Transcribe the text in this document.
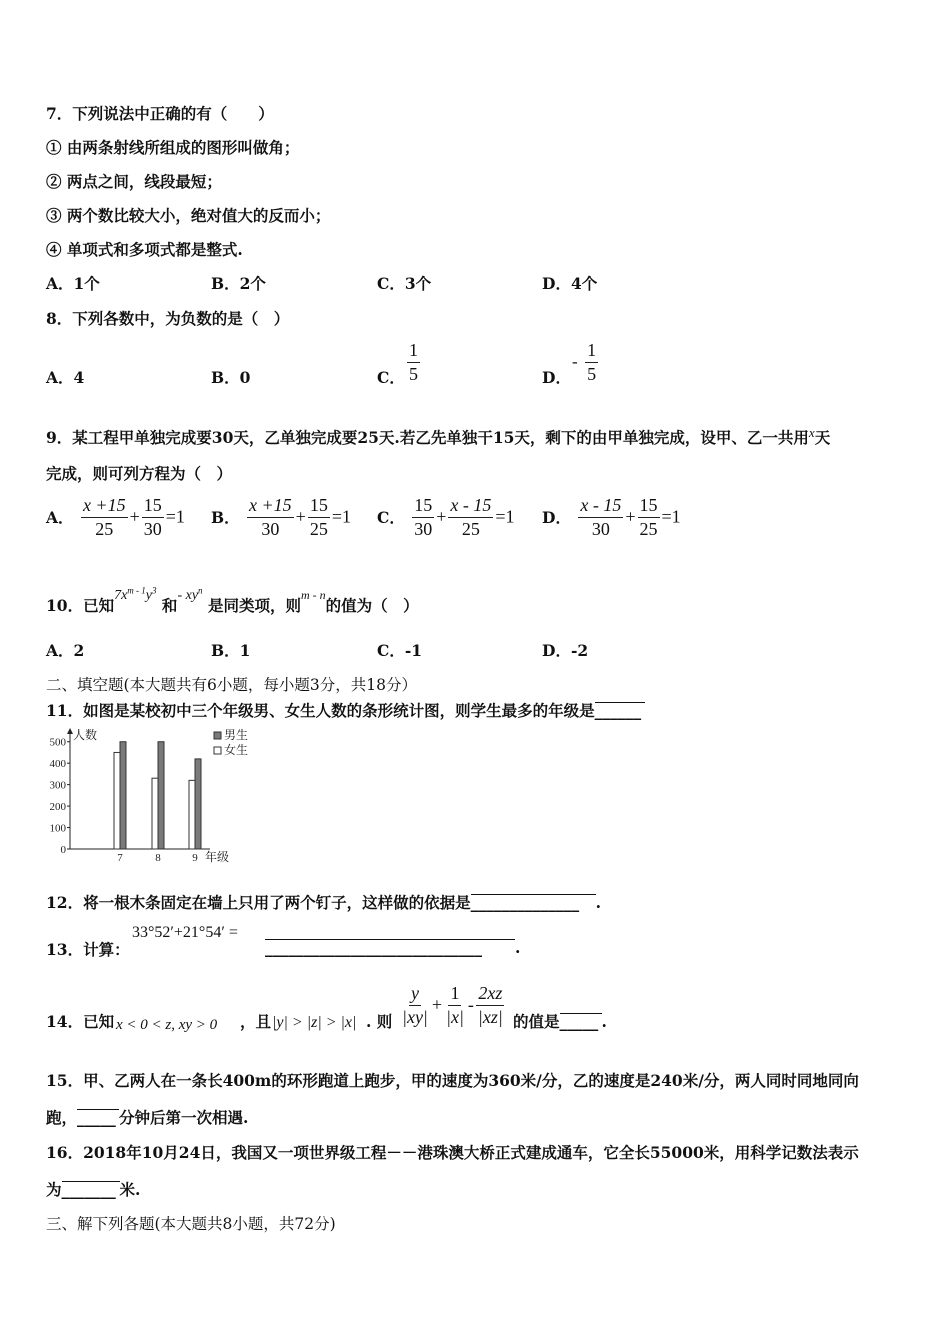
7．下列说法中正确的有（　　）
① 由两条射线所组成的图形叫做角；
② 两点之间，线段最短；
③ 两个数比较大小，绝对值大的反而小；
④ 单项式和多项式都是整式.
A．1个	B．2个	C．3个	D．4个
8．下列各数中，为负数的是（　）
A．4	B．0	C． $\frac{1}{5}$	D．
- $\frac{1}{5}$
9．某工程甲单独完成要30天，乙单独完成要25天.若乙先单独干15天，剩下的由甲单独完成，设甲、乙一共用$^x$天
完成，则可列方程为（　）
A． $\frac{x +15}{25} + \frac{15}{30} =1$ B． $\frac{x +15}{30} + \frac{15}{25} =1$ C． $\frac{15}{30} + \frac{x - 15}{25} =1$ D． $\frac{x - 15}{30} + \frac{15}{25} =1$
10．已知$7x^{m - 1}y^3$ 和- $xy^n$ 是同类项，则m - n的值为（　）
A．2	B．1	C．-1	D．-2
二、填空题(本大题共有6小题，每小题3分，共18分）
11．如图是某校初中三个年级男、女生人数的条形统计图，则学生最多的年级是______
0
100
200
300
400
500
人数
年级
7	8	9
男生
女生
12．将一根木条固定在墙上只用了两个钉子，这样做的依据是______________ .
13．计算：
33°52′+21°54′ =
____________________________ .
14．已知 x < 0 < z, xy > 0 ，且 |y| > |z| > |x| . 则 $\frac{y}{|xy|} + \frac{1}{|x|} - \frac{2xz}{|xz|}$ 的值是_____ .
15．甲、乙两人在一条长400m的环形跑道上跑步，甲的速度为360米/分，乙的速度是240米/分，两人同时同地同向
跑，_____ 分钟后第一次相遇.
16．2018年10月24日，我国又一项世界级工程－－港珠澳大桥正式建成通车，它全长55000米，用科学记数法表示
为_______ 米.
三、解下列各题(本大题共8小题，共72分)
